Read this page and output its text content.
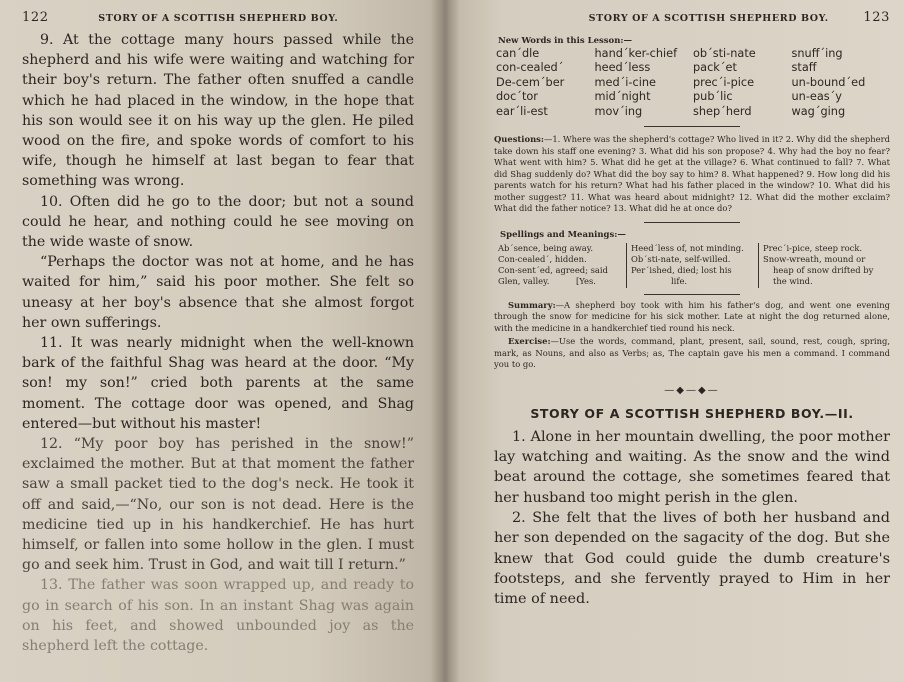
122	STORY OF A SCOTTISH SHEPHERD BOY.

9. At the cottage many hours passed while the shepherd and his wife were waiting and watching for their boy's return. The father often snuffed a candle which he had placed in the window, in the hope that his son would see it on his way up the glen. He piled wood on the fire, and spoke words of comfort to his wife, though he himself at last began to fear that something was wrong.

10. Often did he go to the door; but not a sound could he hear, and nothing could he see moving on the wide waste of snow.

“Perhaps the doctor was not at home, and he has waited for him,” said his poor mother. She felt so uneasy at her boy's absence that she almost forgot her own sufferings.

11. It was nearly midnight when the well-known bark of the faithful Shag was heard at the door. “My son! my son!” cried both parents at the same moment. The cottage door was opened, and Shag entered—but without his master!

12. “My poor boy has perished in the snow!” exclaimed the mother. But at that moment the father saw a small packet tied to the dog's neck. He took it off and said,—“No, our son is not dead. Here is the medicine tied up in his handkerchief. He has hurt himself, or fallen into some hollow in the glen. I must go and seek him. Trust in God, and wait till I return.”

13. The father was soon wrapped up, and ready to go in search of his son. In an instant Shag was again on his feet, and showed unbounded joy as the shepherd left the cottage.

STORY OF A SCOTTISH SHEPHERD BOY.	123
New Words in this Lesson:—
can´dle	hand´ker-chief	ob´sti-nate	snuff´ing
con-cealed´	heed´less	pack´et	staff
De-cem´ber	med´i-cine	prec´i-pice	un-bound´ed
doc´tor	mid´night	pub´lic	un-eas´y
ear´li-est	mov´ing	shep´herd	wag´ging

Questions:—1. Where was the shepherd's cottage? Who lived in it? 2. Why did the shepherd take down his staff one evening? 3. What did his son propose? 4. Why had the boy no fear? What went with him? 5. What did he get at the village? 6. What continued to fall? 7. What did Shag suddenly do? What did the boy say to him? 8. What happened? 9. How long did his parents watch for his return? What had his father placed in the window? 10. What did his mother suggest? 11. What was heard about midnight? 12. What did the mother exclaim? What did the father notice? 13. What did he at once do?

Spellings and Meanings:—
Ab´sence, being away.
Con-cealed´, hidden.
Con-sent´ed, agreed; said
Glen, valley.          [Yes.
Heed´less of, not minding.
Ob´sti-nate, self-willed.
Per´ished, died; lost his
life.
Prec´i-pice, steep rock.
Snow-wreath, mound or
heap of snow drifted by
the wind.

Summary:—A shepherd boy took with him his father's dog, and went one evening through the snow for medicine for his sick mother. Late at night the dog returned alone, with the medicine in a handkerchief tied round his neck.

Exercise:—Use the words, command, plant, present, sail, sound, rest, cough, spring, mark, as Nouns, and also as Verbs; as, The captain gave his men a command. I command you to go.

—◆—◆—
STORY OF A SCOTTISH SHEPHERD BOY.—II.

1. Alone in her mountain dwelling, the poor mother lay watching and waiting. As the snow and the wind beat around the cottage, she sometimes feared that her husband too might perish in the glen.

2. She felt that the lives of both her husband and her son depended on the sagacity of the dog. But she knew that God could guide the dumb creature's footsteps, and she fervently prayed to Him in her time of need.
